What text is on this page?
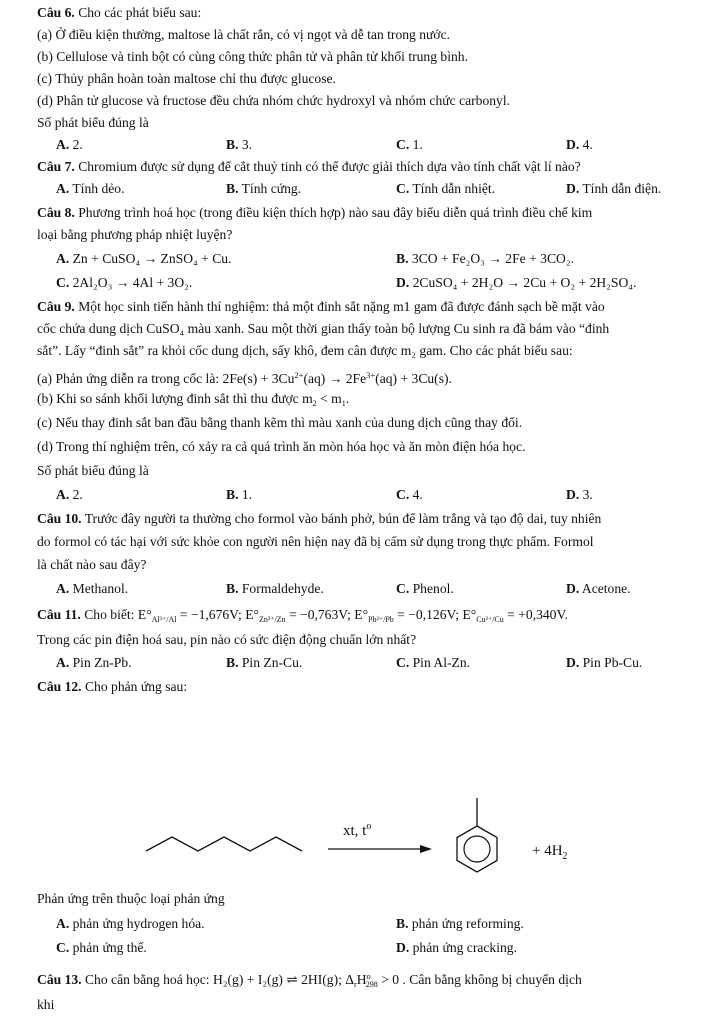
Câu 6. Cho các phát biểu sau:
(a) Ở điều kiện thường, maltose là chất rắn, có vị ngọt và dễ tan trong nước.
(b) Cellulose và tinh bột có cùng công thức phân tử và phân tử khối trung bình.
(c) Thủy phân hoàn toàn maltose chỉ thu được glucose.
(d) Phân tử glucose và fructose đều chứa nhóm chức hydroxyl và nhóm chức carbonyl.
Số phát biểu đúng là
A. 2.	B. 3.	C. 1.	D. 4.
Câu 7. Chromium được sử dụng để cắt thuỷ tinh có thể được giải thích dựa vào tính chất vật lí nào?
A. Tính dẻo.	B. Tính cứng.	C. Tính dẫn nhiệt.	D. Tính dẫn điện.
Câu 8. Phương trình hoá học (trong điều kiện thích hợp) nào sau đây biểu diễn quá trình điều chế kim
loại bằng phương pháp nhiệt luyện?
A. Zn + CuSO₄ → ZnSO₄ + Cu.	B. 3CO + Fe₂O₃ → 2Fe + 3CO₂.
C. 2Al₂O₃ → 4Al + 3O₂.	D. 2CuSO₄ + 2H₂O → 2Cu + O₂ + 2H₂SO₄.
Câu 9. Một học sinh tiến hành thí nghiệm: thả một đinh sắt nặng m1 gam đã được đánh sạch bề mặt vào
cốc chứa dung dịch CuSO₄ màu xanh. Sau một thời gian thấy toàn bộ lượng Cu sinh ra đã bám vào “đinh
sắt”. Lấy “đinh sắt” ra khỏi cốc dung dịch, sấy khô, đem cân được m₂ gam. Cho các phát biểu sau:
(a) Phản ứng diễn ra trong cốc là: $2Fe(s) + 3Cu^{2+}(aq) \to 2Fe^{3+}(aq) + 3Cu(s)$.
(b) Khi so sánh khối lượng đinh sắt thì thu được $m_2 < m_1$.
(c) Nếu thay đinh sắt ban đầu bằng thanh kẽm thì màu xanh của dung dịch cũng thay đổi.
(d) Trong thí nghiệm trên, có xảy ra cả quá trình ăn mòn hóa học và ăn mòn điện hóa học.
Số phát biểu đúng là
A. 2.	B. 1.	C. 4.	D. 3.
Câu 10. Trước đây người ta thường cho formol vào bánh phở, bún để làm trắng và tạo độ dai, tuy nhiên
do formol có tác hại với sức khỏe con người nên hiện nay đã bị cấm sử dụng trong thực phẩm. Formol
là chất nào sau đây?
A. Methanol.	B. Formaldehyde.	C. Phenol.	D. Acetone.
Câu 11. Cho biết: $E^\circ_{Al^{3+}/Al} = -1,676V$; $E^\circ_{Zn^{2+}/Zn} = -0,763V$; $E^\circ_{Pb^{2+}/Pb} = -0,126V$; $E^\circ_{Cu^{2+}/Cu} = +0,340V$.
Trong các pin điện hoá sau, pin nào có sức điện động chuẩn lớn nhất?
A. Pin Zn-Pb.	B. Pin Zn-Cu.	C. Pin Al-Zn.	D. Pin Pb-Cu.
Câu 12. Cho phản ứng sau:
xt, $t^o$
+ $4H_2$
Phản ứng trên thuộc loại phản ứng
A. phản ứng hydrogen hóa.	B. phản ứng reforming.
C. phản ứng thế.	D. phản ứng cracking.
Câu 13. Cho cân bằng hoá học: H₂(g) + I₂(g) ⇌ 2HI(g); $\Delta_rH^o_{298} > 0$ . Cân bằng không bị chuyển dịch
khi
